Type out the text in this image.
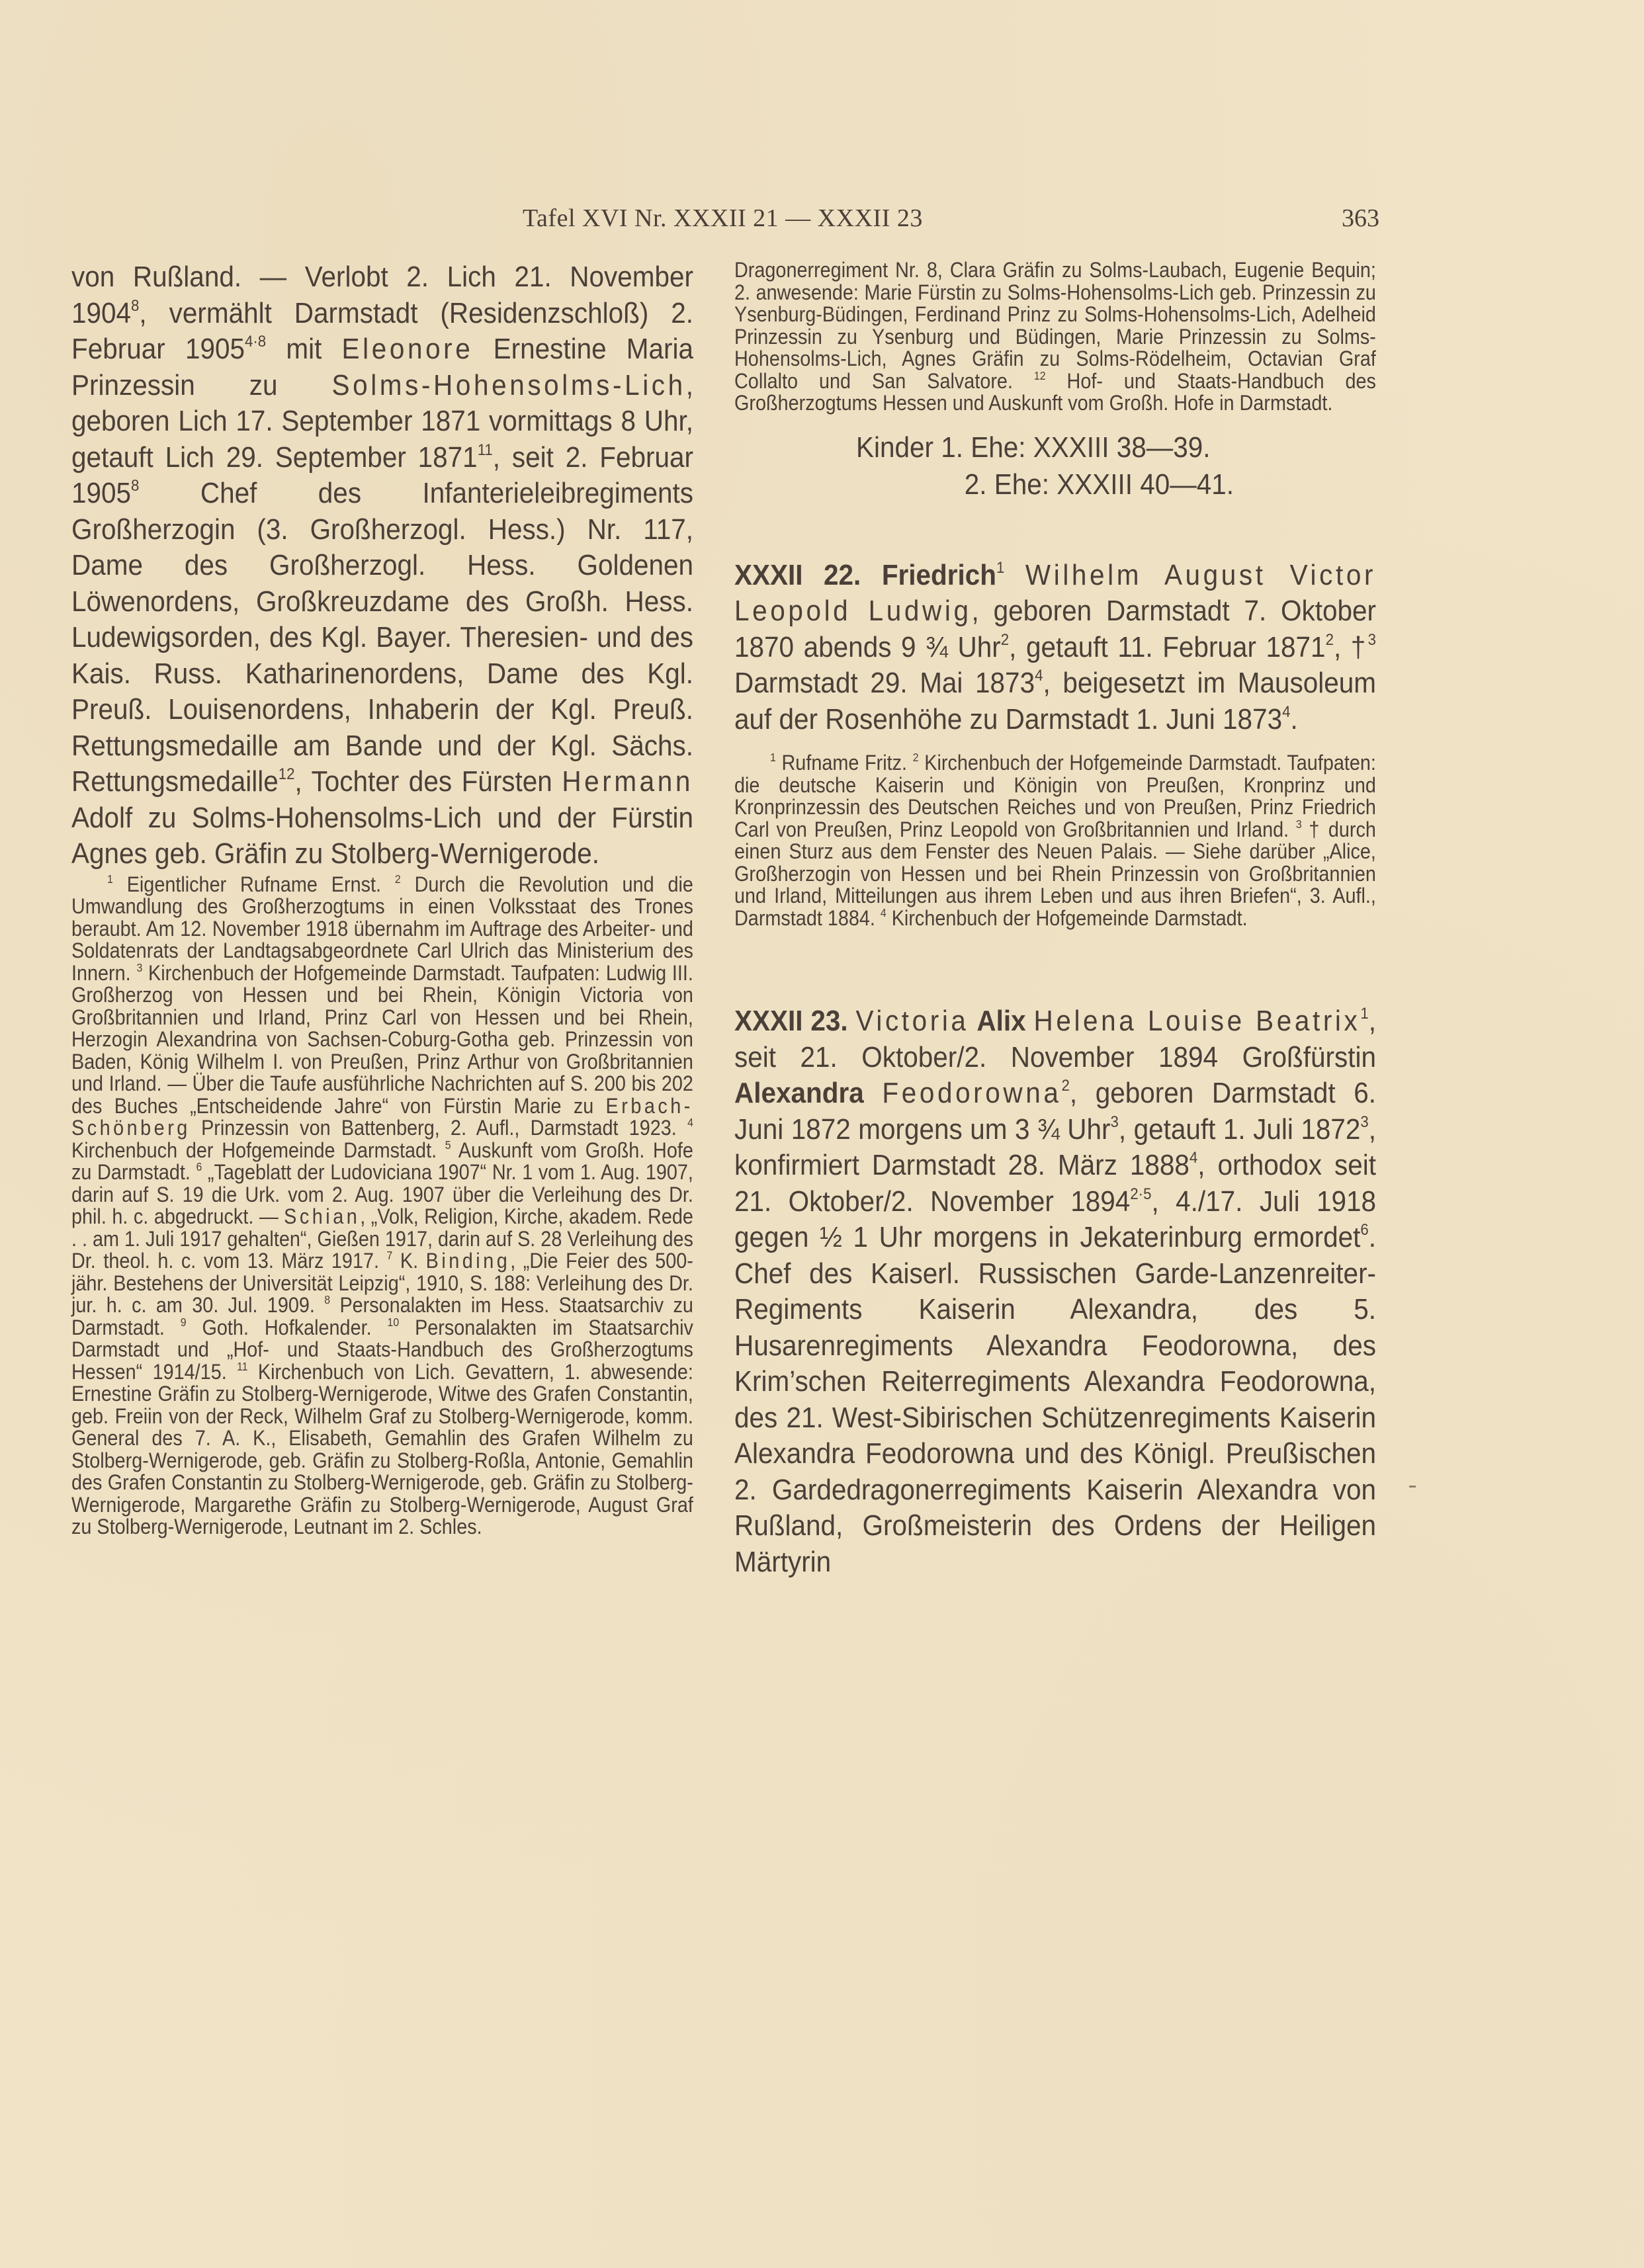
Tafel XVI Nr. XXXII 21 — XXXII 23	363

von Rußland. — Verlobt 2. Lich 21. November 1904$^8$, vermählt Darmstadt (Residenzschloß) 2. Februar $1905^{4\cdot 8}$ mit Eleonore Ernestine Maria Prinzessin zu Solms-Hohensolms-Lich, geboren Lich 17. September 1871 vormittags 8 Uhr, getauft Lich 29. September 1871$^{11}$, seit 2. Februar 1905$^8$ Chef des Infanterieleibregiments Großherzogin (3. Großherzogl. Hess.) Nr. 117, Dame des Großherzogl. Hess. Goldenen Löwenordens, Großkreuzdame des Großh. Hess. Ludewigsorden, des Kgl. Bayer. Theresien- und des Kais. Russ. Katharinenordens, Dame des Kgl. Preuß. Louisenordens, Inhaberin der Kgl. Preuß. Rettungsmedaille am Bande und der Kgl. Sächs. Rettungsmedaille$^{12}$, Tochter des Fürsten Hermann Adolf zu Solms-Hohensolms-Lich und der Fürstin Agnes geb. Gräfin zu Stolberg-Wernigerode.

$^1$ Eigentlicher Rufname Ernst. $^2$ Durch die Revolution und die Umwandlung des Großherzogtums in einen Volksstaat des Trones beraubt. Am 12. November 1918 übernahm im Auftrage des Arbeiter- und Soldatenrats der Landtagsabgeordnete Carl Ulrich das Ministerium des Innern. $^3$ Kirchenbuch der Hofgemeinde Darmstadt. Taufpaten: Ludwig III. Großherzog von Hessen und bei Rhein, Königin Victoria von Großbritannien und Irland, Prinz Carl von Hessen und bei Rhein, Herzogin Alexandrina von Sachsen-Coburg-Gotha geb. Prinzessin von Baden, König Wilhelm I. von Preußen, Prinz Arthur von Großbritannien und Irland. — Über die Taufe ausführliche Nachrichten auf S. 200 bis 202 des Buches „Entscheidende Jahre“ von Fürstin Marie zu Erbach-Schönberg Prinzessin von Battenberg, 2. Aufl., Darmstadt 1923. $^4$ Kirchenbuch der Hofgemeinde Darmstadt. $^5$ Auskunft vom Großh. Hofe zu Darmstadt. $^6$ „Tageblatt der Ludoviciana 1907“ Nr. 1 vom 1. Aug. 1907, darin auf S. 19 die Urk. vom 2. Aug. 1907 über die Verleihung des Dr. phil. h. c. abgedruckt. — Schian, „Volk, Religion, Kirche, akadem. Rede . . am 1. Juli 1917 gehalten“, Gießen 1917, darin auf S. 28 Verleihung des Dr. theol. h. c. vom 13. März 1917. $^7$ K. Binding, „Die Feier des 500-jähr. Bestehens der Universität Leipzig“, 1910, S. 188: Verleihung des Dr. jur. h. c. am 30. Jul. 1909. $^8$ Personalakten im Hess. Staatsarchiv zu Darmstadt. $^9$ Goth. Hofkalender. $^{10}$ Personalakten im Staatsarchiv Darmstadt und „Hof- und Staats-Handbuch des Großherzogtums Hessen“ 1914/15. $^{11}$ Kirchenbuch von Lich. Gevattern, 1. abwesende: Ernestine Gräfin zu Stolberg-Wernigerode, Witwe des Grafen Constantin, geb. Freiin von der Reck, Wilhelm Graf zu Stolberg-Wernigerode, komm. General des 7. A. K., Elisabeth, Gemahlin des Grafen Wilhelm zu Stolberg-Wernigerode, geb. Gräfin zu Stolberg-Roßla, Antonie, Gemahlin des Grafen Constantin zu Stolberg-Wernigerode, geb. Gräfin zu Stolberg-Wernigerode, Margarethe Gräfin zu Stolberg-Wernigerode, August Graf zu Stolberg-Wernigerode, Leutnant im 2. Schles.

Dragonerregiment Nr. 8, Clara Gräfin zu Solms-Laubach, Eugenie Bequin; 2. anwesende: Marie Fürstin zu Solms-Hohensolms-Lich geb. Prinzessin zu Ysenburg-Büdingen, Ferdinand Prinz zu Solms-Hohensolms-Lich, Adelheid Prinzessin zu Ysenburg und Büdingen, Marie Prinzessin zu Solms-Hohensolms-Lich, Agnes Gräfin zu Solms-Rödelheim, Octavian Graf Collalto und San Salvatore. $^{12}$ Hof- und Staats-Handbuch des Großherzogtums Hessen und Auskunft vom Großh. Hofe in Darmstadt.

Kinder 1. Ehe: XXXIII 38—39.
2. Ehe: XXXIII 40—41.

XXXII 22. Friedrich$^1$ Wilhelm August Victor Leopold Ludwig, geboren Darmstadt 7. Oktober 1870 abends 9 ¾ Uhr$^2$, getauft 11. Februar 1871$^2$, †$^3$ Darmstadt 29. Mai 1873$^4$, beigesetzt im Mausoleum auf der Rosenhöhe zu Darmstadt 1. Juni 1873$^4$.

$^1$ Rufname Fritz. $^2$ Kirchenbuch der Hofgemeinde Darmstadt. Taufpaten: die deutsche Kaiserin und Königin von Preußen, Kronprinz und Kronprinzessin des Deutschen Reiches und von Preußen, Prinz Friedrich Carl von Preußen, Prinz Leopold von Großbritannien und Irland. $^3$ † durch einen Sturz aus dem Fenster des Neuen Palais. — Siehe darüber „Alice, Großherzogin von Hessen und bei Rhein Prinzessin von Großbritannien und Irland, Mitteilungen aus ihrem Leben und aus ihren Briefen“, 3. Aufl., Darmstadt 1884. $^4$ Kirchenbuch der Hofgemeinde Darmstadt.

XXXII 23. Victoria Alix Helena Louise Beatrix$^1$, seit 21. Oktober/2. November 1894 Großfürstin Alexandra Feodorowna$^2$, geboren Darmstadt 6. Juni 1872 morgens um 3 ¾ Uhr$^3$, getauft 1. Juli 1872$^3$, konfirmiert Darmstadt 28. März 1888$^4$, orthodox seit 21. Oktober/2. November $1894^{2\cdot 5}$, 4./17. Juli 1918 gegen ½ 1 Uhr morgens in Jekaterinburg ermordet$^6$. Chef des Kaiserl. Russischen Garde-Lanzenreiter-Regiments Kaiserin Alexandra, des 5. Husarenregiments Alexandra Feodorowna, des Krim’schen Reiterregiments Alexandra Feodorowna, des 21. West-Sibirischen Schützenregiments Kaiserin Alexandra Feodorowna und des Königl. Preußischen 2. Gardedragonerregiments Kaiserin Alexandra von Rußland, Großmeisterin des Ordens der Heiligen Märtyrin
